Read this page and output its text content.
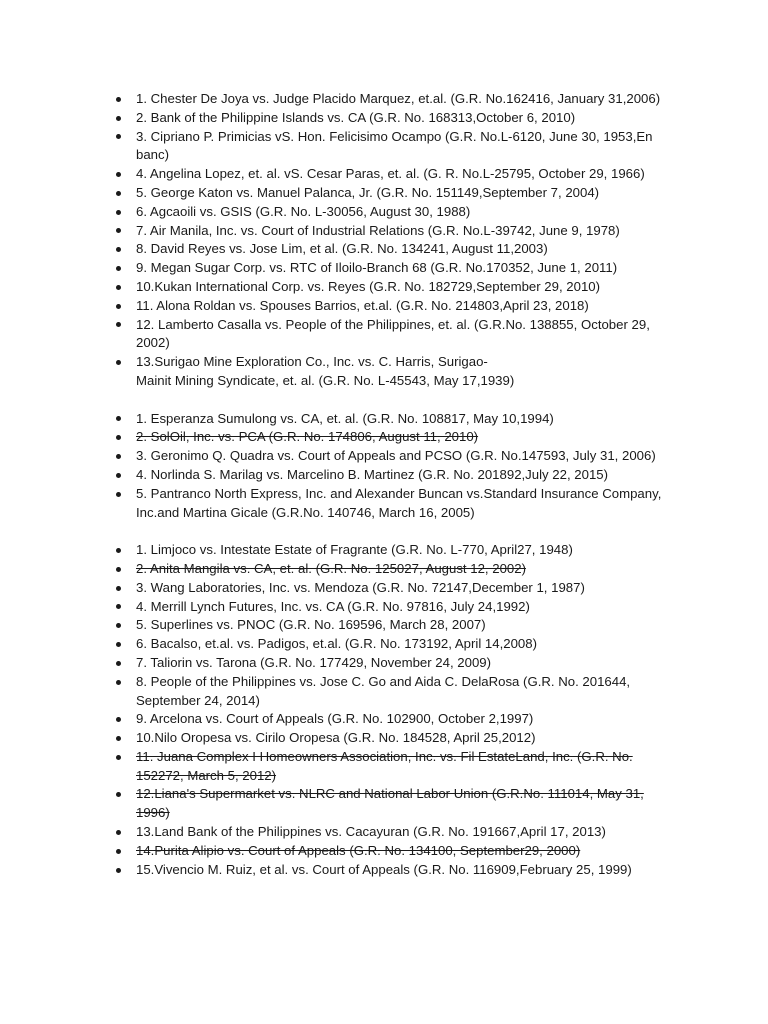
1. Chester De Joya vs. Judge Placido Marquez, et.al. (G.R. No.162416, January 31,2006)
2. Bank of the Philippine Islands vs. CA (G.R. No. 168313,October 6, 2010)
3. Cipriano P. Primicias vS. Hon. Felicisimo Ocampo (G.R. No.L-6120, June 30, 1953,En banc)
4. Angelina Lopez, et. al. vS. Cesar Paras, et. al. (G. R. No.L-25795, October 29, 1966)
5. George Katon vs. Manuel Palanca, Jr. (G.R. No. 151149,September 7, 2004)
6. Agcaoili vs. GSIS (G.R. No. L-30056, August 30, 1988)
7. Air Manila, Inc. vs. Court of Industrial Relations (G.R. No.L-39742, June 9, 1978)
8. David Reyes vs. Jose Lim, et al. (G.R. No. 134241, August 11,2003)
9. Megan Sugar Corp. vs. RTC of Iloilo-Branch 68 (G.R. No.170352, June 1, 2011)
10.Kukan International Corp. vs. Reyes (G.R. No. 182729,September 29, 2010)
11. Alona Roldan vs. Spouses Barrios, et.al. (G.R. No. 214803,April 23, 2018)
12. Lamberto Casalla vs. People of the Philippines, et. al. (G.R.No. 138855, October 29, 2002)
13.Surigao Mine Exploration Co., Inc. vs. C. Harris, Surigao-
Mainit Mining Syndicate, et. al. (G.R. No. L-45543, May 17,1939)
1. Esperanza Sumulong vs. CA, et. al. (G.R. No. 108817, May 10,1994)
2. SolOil, Inc. vs. PCA (G.R. No. 174806, August 11, 2010)
3. Geronimo Q. Quadra vs. Court of Appeals and PCSO (G.R. No.147593, July 31, 2006)
4. Norlinda S. Marilag vs. Marcelino B. Martinez (G.R. No. 201892,July 22, 2015)
5. Pantranco North Express, Inc. and Alexander Buncan vs.Standard Insurance Company, Inc.and Martina Gicale (G.R.No. 140746, March 16, 2005)
1. Limjoco vs. Intestate Estate of Fragrante (G.R. No. L-770, April27, 1948)
2. Anita Mangila vs. CA, et. al. (G.R. No. 125027, August 12, 2002)
3. Wang Laboratories, Inc. vs. Mendoza (G.R. No. 72147,December 1, 1987)
4. Merrill Lynch Futures, Inc. vs. CA (G.R. No. 97816, July 24,1992)
5. Superlines vs. PNOC (G.R. No. 169596, March 28, 2007)
6. Bacalso, et.al. vs. Padigos, et.al. (G.R. No. 173192, April 14,2008)
7. Taliorin vs. Tarona (G.R. No. 177429, November 24, 2009)
8. People of the Philippines vs. Jose C. Go and Aida C. DelaRosa (G.R. No. 201644, September 24, 2014)
9. Arcelona vs. Court of Appeals (G.R. No. 102900, October 2,1997)
10.Nilo Oropesa vs. Cirilo Oropesa (G.R. No. 184528, April 25,2012)
11. Juana Complex I Homeowners Association, Inc. vs. Fil EstateLand, Inc. (G.R. No. 152272, March 5, 2012)
12.Liana's Supermarket vs. NLRC and National Labor Union (G.R.No. 111014, May 31, 1996)
13.Land Bank of the Philippines vs. Cacayuran (G.R. No. 191667,April 17, 2013)
14.Purita Alipio vs. Court of Appeals (G.R. No. 134100, September29, 2000)
15.Vivencio M. Ruiz, et al. vs. Court of Appeals (G.R. No. 116909,February 25, 1999)
